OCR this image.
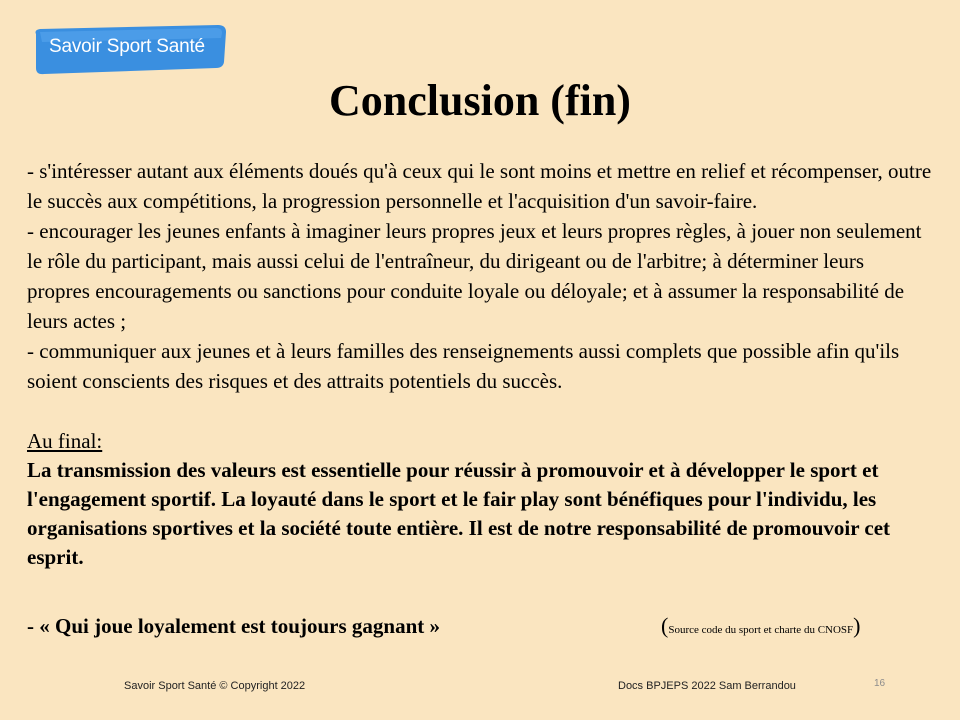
Savoir Sport Santé
Conclusion (fin)

- s'intéresser autant aux éléments doués qu'à ceux qui le sont moins et mettre en relief et récompenser, outre le succès aux compétitions, la progression personnelle et l'acquisition d'un savoir-faire.

- encourager les jeunes enfants à imaginer leurs propres jeux et leurs propres règles, à jouer non seulement le rôle du participant, mais aussi celui de l'entraîneur, du dirigeant ou de l'arbitre; à déterminer leurs propres encouragements ou sanctions pour conduite loyale ou déloyale; et à assumer la responsabilité de leurs actes ;

- communiquer aux jeunes et à leurs familles des renseignements aussi complets que possible afin qu'ils soient conscients des risques et des attraits potentiels du succès.

Au final:

La transmission des valeurs est essentielle pour réussir à promouvoir et à développer le sport et l'engagement sportif. La loyauté dans le sport et le fair play sont bénéfiques pour l'individu, les organisations sportives et la société toute entière. Il est de notre responsabilité de promouvoir cet esprit.

- « Qui joue loyalement est toujours gagnant »	(Source code du sport et charte du CNOSF)
Savoir Sport Santé © Copyright 2022	Docs BPJEPS 2022 Sam Berrandou	16
